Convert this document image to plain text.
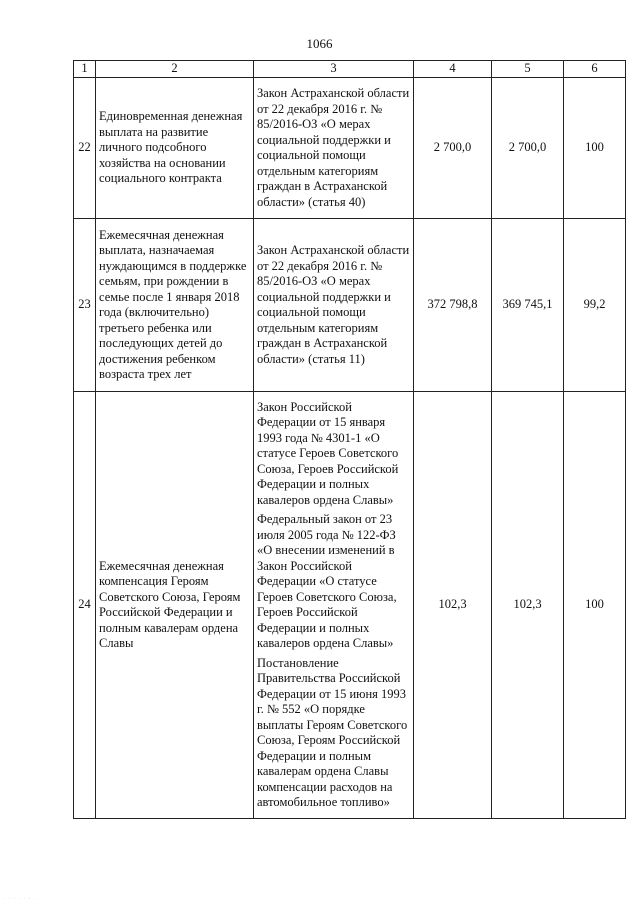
1066
1	2	3	4	5	6
22	Единовременная денежная выплата на развитие личного подсобного хозяйства на основании социального контракта	Закон Астраханской области от 22 декабря 2016 г. № 85/2016-ОЗ «О мерах социальной поддержки и социальной помощи отдельным категориям граждан в Астраханской области» (статья 40)	2 700,0	2 700,0	100
23	Ежемесячная денежная выплата, назначаемая нуждающимся в поддержке семьям, при рождении в семье после 1 января 2018 года (включительно) третьего ребенка или последующих детей до достижения ребенком возраста трех лет	Закон Астраханской области от 22 декабря 2016 г. № 85/2016-ОЗ «О мерах социальной поддержки и социальной помощи отдельным категориям граждан в Астраханской области» (статья 11)	372 798,8	369 745,1	99,2
24	Ежемесячная денежная компенсация Героям Советского Союза, Героям Российской Федерации и полным кавалерам ордена Славы	Закон Российской Федерации от 15 января 1993 года № 4301-1 «О статусе Героев Советского Союза, Героев Российской Федерации и полных кавалеров ордена Славы»
Федеральный закон от 23 июля 2005 года № 122-ФЗ «О внесении изменений в Закон Российской Федерации «О статусе Героев Советского Союза, Героев Российской Федерации и полных кавалеров ордена Славы»
Постановление Правительства Российской Федерации от 15 июня 1993 г. № 552 «О порядке выплаты Героям Советского Союза, Героям Российской Федерации и полным кавалерам ордена Славы компенсации расходов на автомобильное топливо»	102,3	102,3	100
· · · · · · ·
